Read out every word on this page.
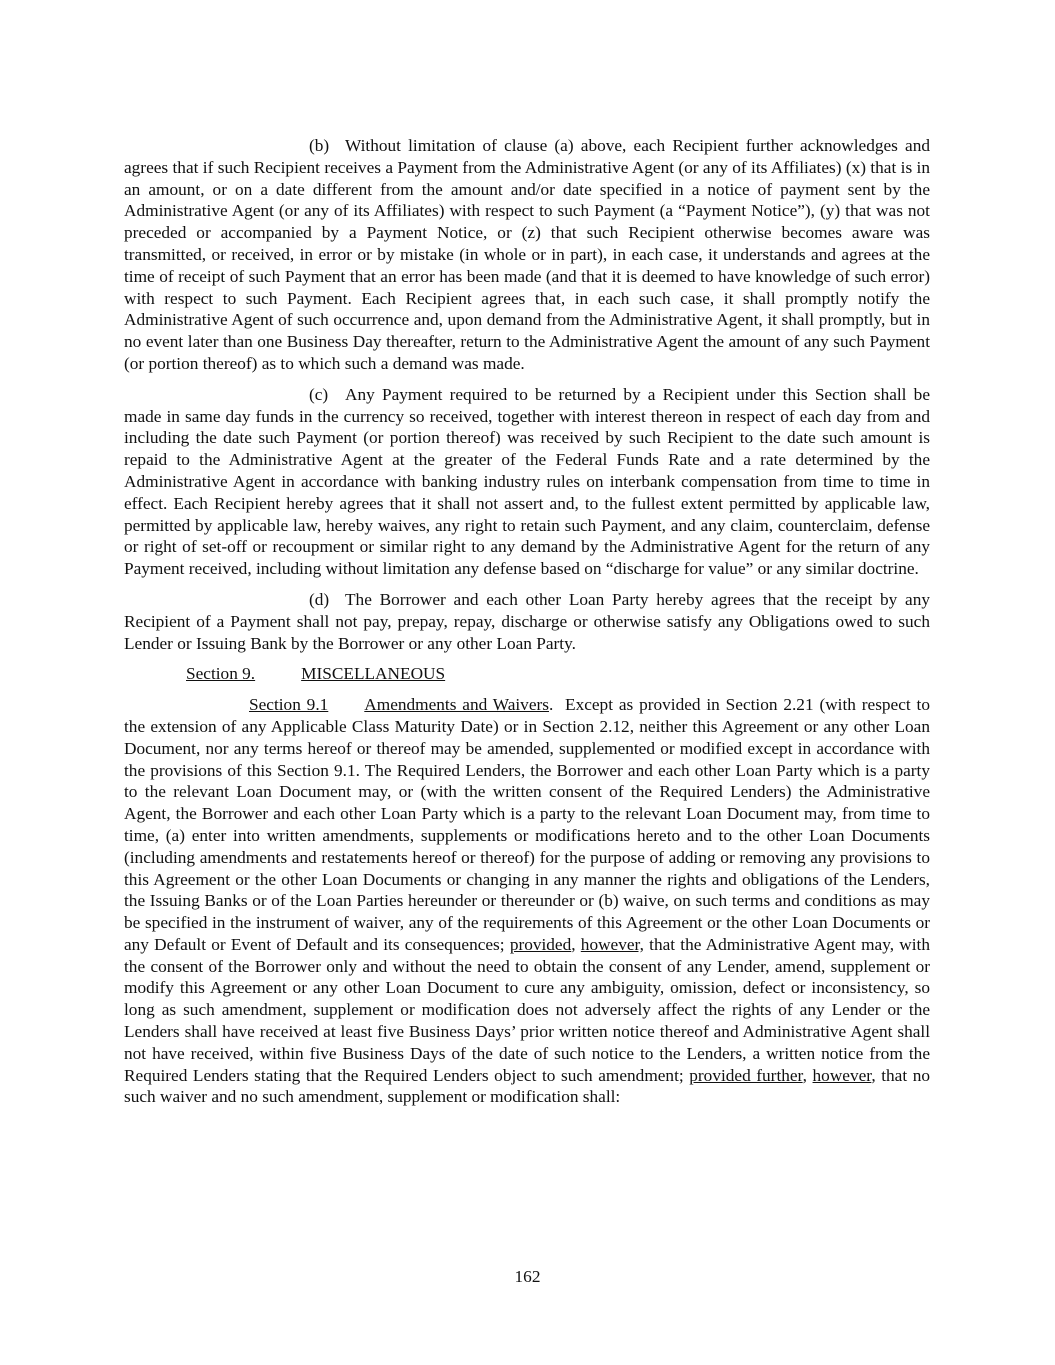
(b) Without limitation of clause (a) above, each Recipient further acknowledges and agrees that if such Recipient receives a Payment from the Administrative Agent (or any of its Affiliates) (x) that is in an amount, or on a date different from the amount and/or date specified in a notice of payment sent by the Administrative Agent (or any of its Affiliates) with respect to such Payment (a “Payment Notice”), (y) that was not preceded or accompanied by a Payment Notice, or (z) that such Recipient otherwise becomes aware was transmitted, or received, in error or by mistake (in whole or in part), in each case, it understands and agrees at the time of receipt of such Payment that an error has been made (and that it is deemed to have knowledge of such error) with respect to such Payment. Each Recipient agrees that, in each such case, it shall promptly notify the Administrative Agent of such occurrence and, upon demand from the Administrative Agent, it shall promptly, but in no event later than one Business Day thereafter, return to the Administrative Agent the amount of any such Payment (or portion thereof) as to which such a demand was made.

(c) Any Payment required to be returned by a Recipient under this Section shall be made in same day funds in the currency so received, together with interest thereon in respect of each day from and including the date such Payment (or portion thereof) was received by such Recipient to the date such amount is repaid to the Administrative Agent at the greater of the Federal Funds Rate and a rate determined by the Administrative Agent in accordance with banking industry rules on interbank compensation from time to time in effect. Each Recipient hereby agrees that it shall not assert and, to the fullest extent permitted by applicable law, permitted by applicable law, hereby waives, any right to retain such Payment, and any claim, counterclaim, defense or right of set-off or recoupment or similar right to any demand by the Administrative Agent for the return of any Payment received, including without limitation any defense based on “discharge for value” or any similar doctrine.

(d) The Borrower and each other Loan Party hereby agrees that the receipt by any Recipient of a Payment shall not pay, prepay, repay, discharge or otherwise satisfy any Obligations owed to such Lender or Issuing Bank by the Borrower or any other Loan Party.

Section 9.	MISCELLANEOUS

Section 9.1 Amendments and Waivers. Except as provided in Section 2.21 (with respect to the extension of any Applicable Class Maturity Date) or in Section 2.12, neither this Agreement or any other Loan Document, nor any terms hereof or thereof may be amended, supplemented or modified except in accordance with the provisions of this Section 9.1. The Required Lenders, the Borrower and each other Loan Party which is a party to the relevant Loan Document may, or (with the written consent of the Required Lenders) the Administrative Agent, the Borrower and each other Loan Party which is a party to the relevant Loan Document may, from time to time, (a) enter into written amendments, supplements or modifications hereto and to the other Loan Documents (including amendments and restatements hereof or thereof) for the purpose of adding or removing any provisions to this Agreement or the other Loan Documents or changing in any manner the rights and obligations of the Lenders, the Issuing Banks or of the Loan Parties hereunder or thereunder or (b) waive, on such terms and conditions as may be specified in the instrument of waiver, any of the requirements of this Agreement or the other Loan Documents or any Default or Event of Default and its consequences; provided, however, that the Administrative Agent may, with the consent of the Borrower only and without the need to obtain the consent of any Lender, amend, supplement or modify this Agreement or any other Loan Document to cure any ambiguity, omission, defect or inconsistency, so long as such amendment, supplement or modification does not adversely affect the rights of any Lender or the Lenders shall have received at least five Business Days’ prior written notice thereof and Administrative Agent shall not have received, within five Business Days of the date of such notice to the Lenders, a written notice from the Required Lenders stating that the Required Lenders object to such amendment; provided further, however, that no such waiver and no such amendment, supplement or modification shall:

162
